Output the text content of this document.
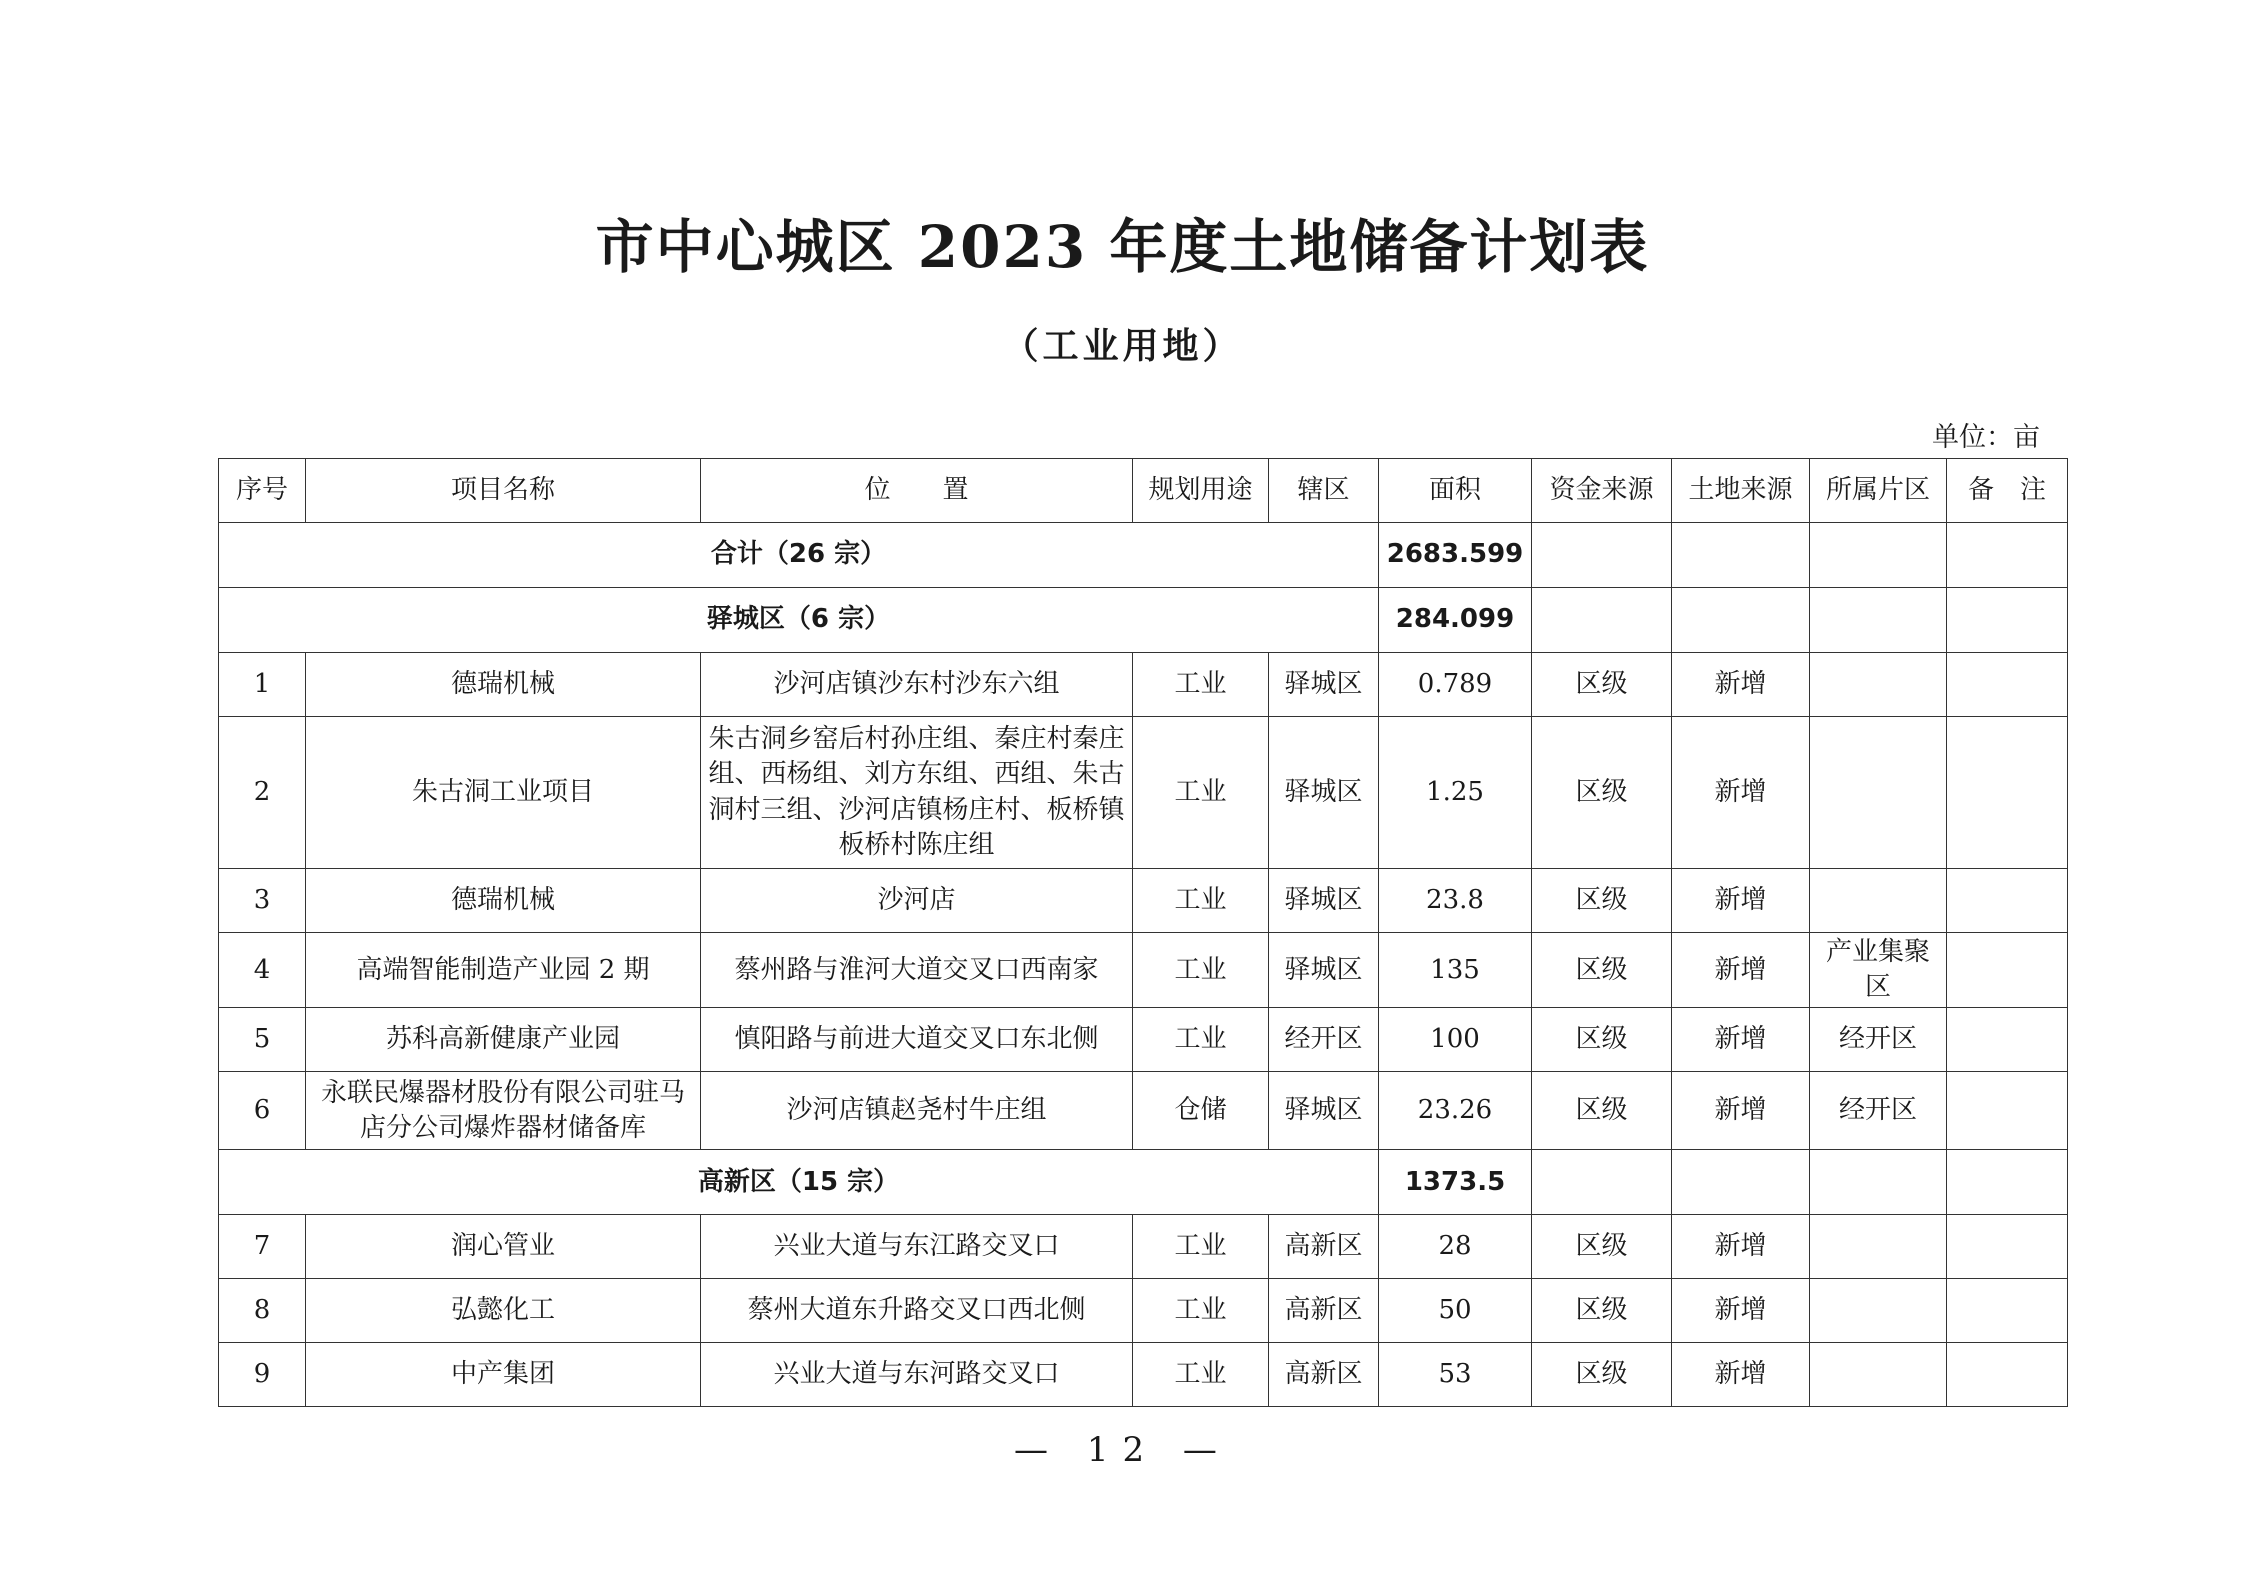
市中心城区 2023 年度土地储备计划表
（工业用地）
单位：亩
序号	项目名称	位　　置	规划用途	辖区	面积	资金来源	土地来源	所属片区	备　注
合计（26 宗）					2683.599				
驿城区（6 宗）					284.099				
1	德瑞机械	沙河店镇沙东村沙东六组	工业	驿城区	0.789	区级	新增		
2	朱古洞工业项目	朱古洞乡窑后村孙庄组、秦庄村秦庄组、西杨组、刘方东组、西组、朱古洞村三组、沙河店镇杨庄村、板桥镇板桥村陈庄组	工业	驿城区	1.25	区级	新增		
3	德瑞机械	沙河店	工业	驿城区	23.8	区级	新增		
4	高端智能制造产业园 2 期	蔡州路与淮河大道交叉口西南家	工业	驿城区	135	区级	新增	产业集聚区	
5	苏科高新健康产业园	慎阳路与前进大道交叉口东北侧	工业	经开区	100	区级	新增	经开区	
6	永联民爆器材股份有限公司驻马店分公司爆炸器材储备库	沙河店镇赵尧村牛庄组	仓储	驿城区	23.26	区级	新增	经开区	
高新区（15 宗）					1373.5				
7	润心管业	兴业大道与东江路交叉口	工业	高新区	28	区级	新增		
8	弘懿化工	蔡州大道东升路交叉口西北侧	工业	高新区	50	区级	新增		
9	中产集团	兴业大道与东河路交叉口	工业	高新区	53	区级	新增		
— 12 —
